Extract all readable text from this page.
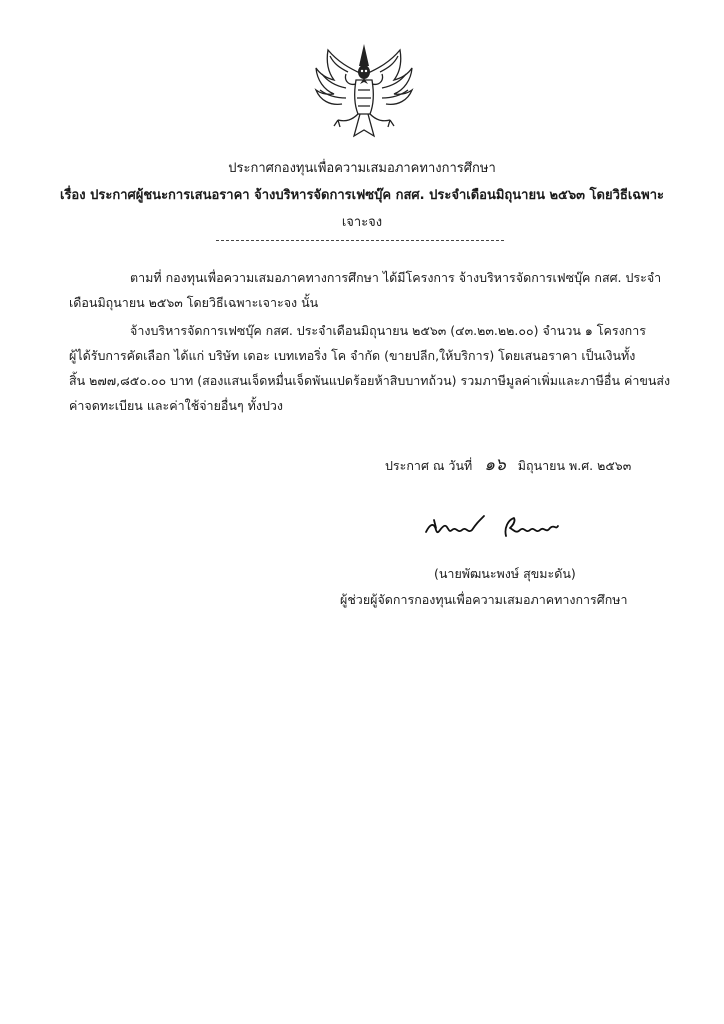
ประกาศกองทุนเพื่อความเสมอภาคทางการศึกษา
เรื่อง ประกาศผู้ชนะการเสนอราคา จ้างบริหารจัดการเฟซบุ๊ค กสศ. ประจำเดือนมิถุนายน ๒๕๖๓ โดยวิธีเฉพาะ
เจาะจง
ตามที่ กองทุนเพื่อความเสมอภาคทางการศึกษา ได้มีโครงการ จ้างบริหารจัดการเฟซบุ๊ค กสศ. ประจำ
เดือนมิถุนายน ๒๕๖๓ โดยวิธีเฉพาะเจาะจง นั้น
จ้างบริหารจัดการเฟซบุ๊ค กสศ. ประจำเดือนมิถุนายน ๒๕๖๓ (๔๓.๒๓.๒๒.๐๐) จำนวน ๑ โครงการ
ผู้ได้รับการคัดเลือก ได้แก่ บริษัท เดอะ เบทเทอริ่ง โค จำกัด (ขายปลีก,ให้บริการ) โดยเสนอราคา เป็นเงินทั้ง
สิ้น ๒๗๗,๘๕๐.๐๐ บาท (สองแสนเจ็ดหมื่นเจ็ดพันแปดร้อยห้าสิบบาทถ้วน) รวมภาษีมูลค่าเพิ่มและภาษีอื่น ค่าขนส่ง
ค่าจดทะเบียน และค่าใช้จ่ายอื่นๆ ทั้งปวง
ประกาศ ณ วันที่ ๑๖ มิถุนายน พ.ศ. ๒๕๖๓
(นายพัฒนะพงษ์ สุขมะดัน)
ผู้ช่วยผู้จัดการกองทุนเพื่อความเสมอภาคทางการศึกษา
